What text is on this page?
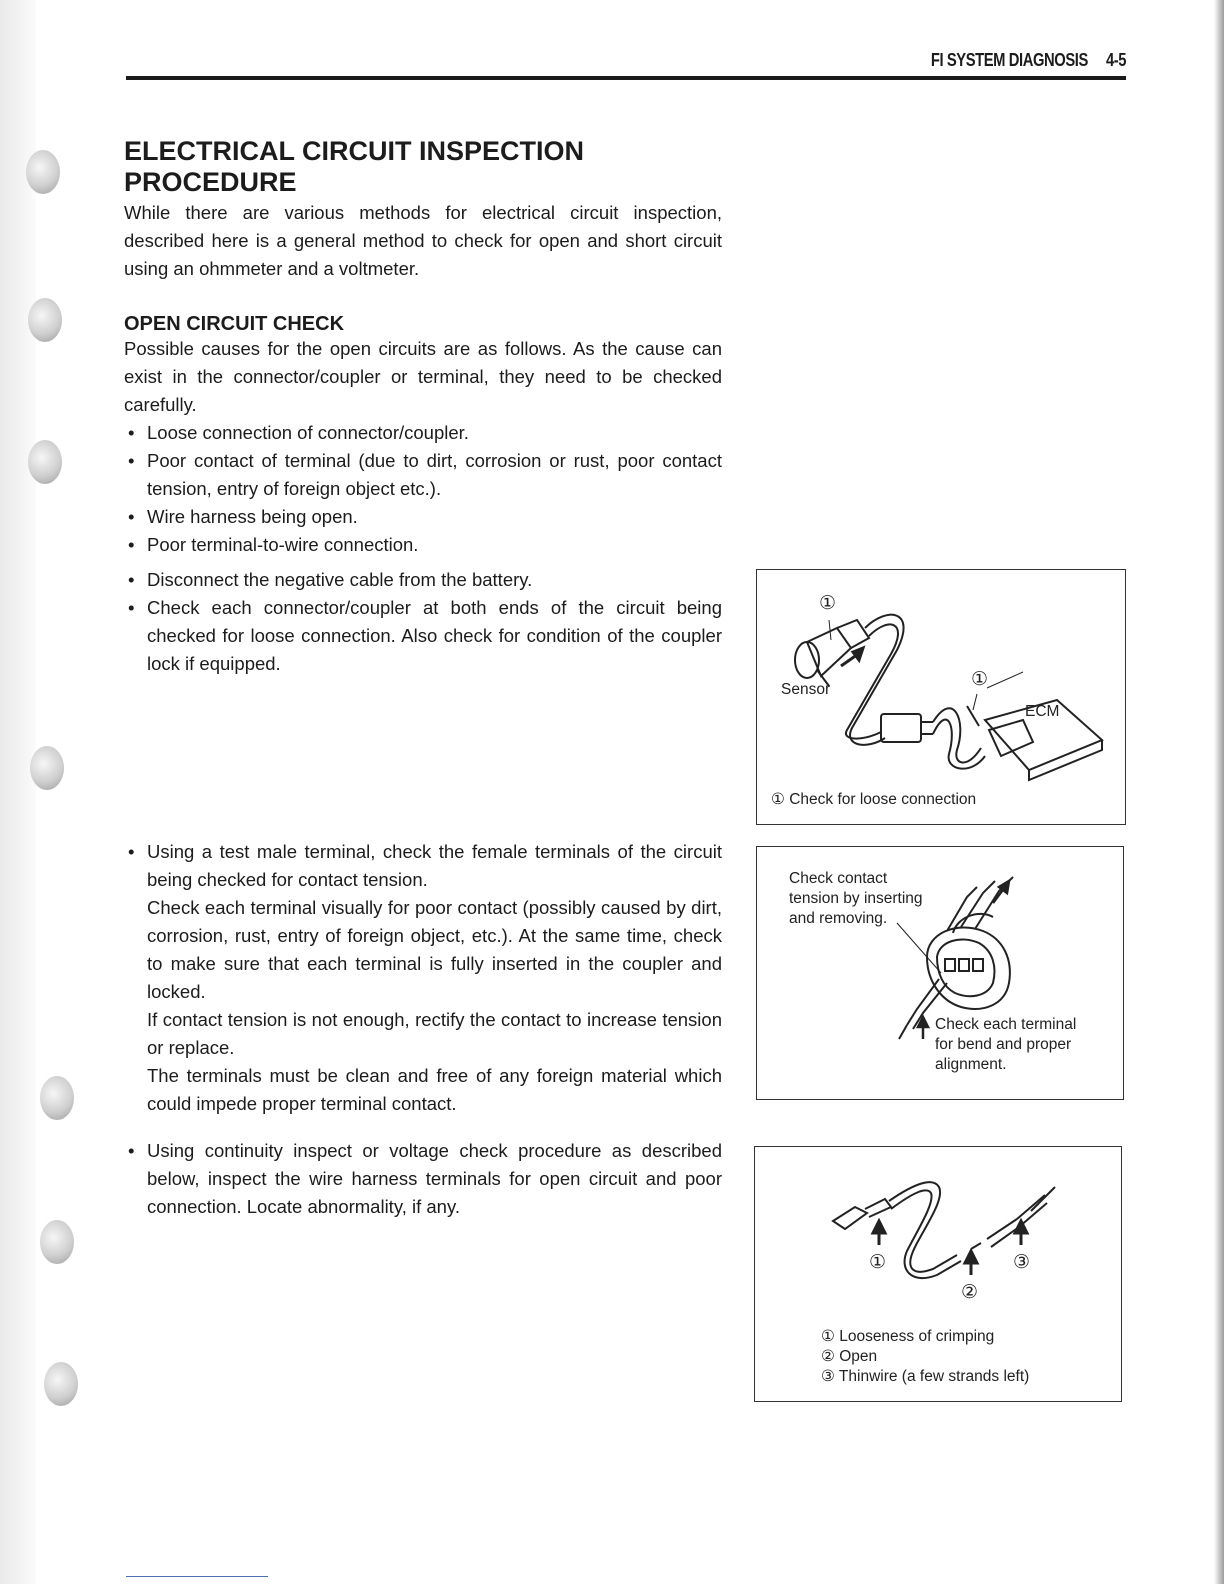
FI SYSTEM DIAGNOSIS 4-5
ELECTRICAL CIRCUIT INSPECTION
PROCEDURE

While there are various methods for electrical circuit inspection, described here is a general method to check for open and short circuit using an ohmmeter and a voltmeter.

OPEN CIRCUIT CHECK

Possible causes for the open circuits are as follows. As the cause can exist in the connector/coupler or terminal, they need to be checked carefully.

• Loose connection of connector/coupler.
• Poor contact of terminal (due to dirt, corrosion or rust, poor contact tension, entry of foreign object etc.).
• Wire harness being open.
• Poor terminal-to-wire connection.
• Disconnect the negative cable from the battery.
• Check each connector/coupler at both ends of the circuit being checked for loose connection. Also check for condition of the coupler lock if equipped.
• Using a test male terminal, check the female terminals of the circuit being checked for contact tension.
Check each terminal visually for poor contact (possibly caused by dirt, corrosion, rust, entry of foreign object, etc.). At the same time, check to make sure that each terminal is fully inserted in the coupler and locked.
If contact tension is not enough, rectify the contact to increase tension or replace.
The terminals must be clean and free of any foreign material which could impede proper terminal contact.
• Using continuity inspect or voltage check procedure as described below, inspect the wire harness terminals for open circuit and poor connection. Locate abnormality, if any.
①
①
Sensor
ECM
① Check for loose connection
Check contact
tension by inserting
and removing.
Check each terminal
for bend and proper
alignment.
①
②
③
① Looseness of crimping
② Open
③ Thinwire (a few strands left)
